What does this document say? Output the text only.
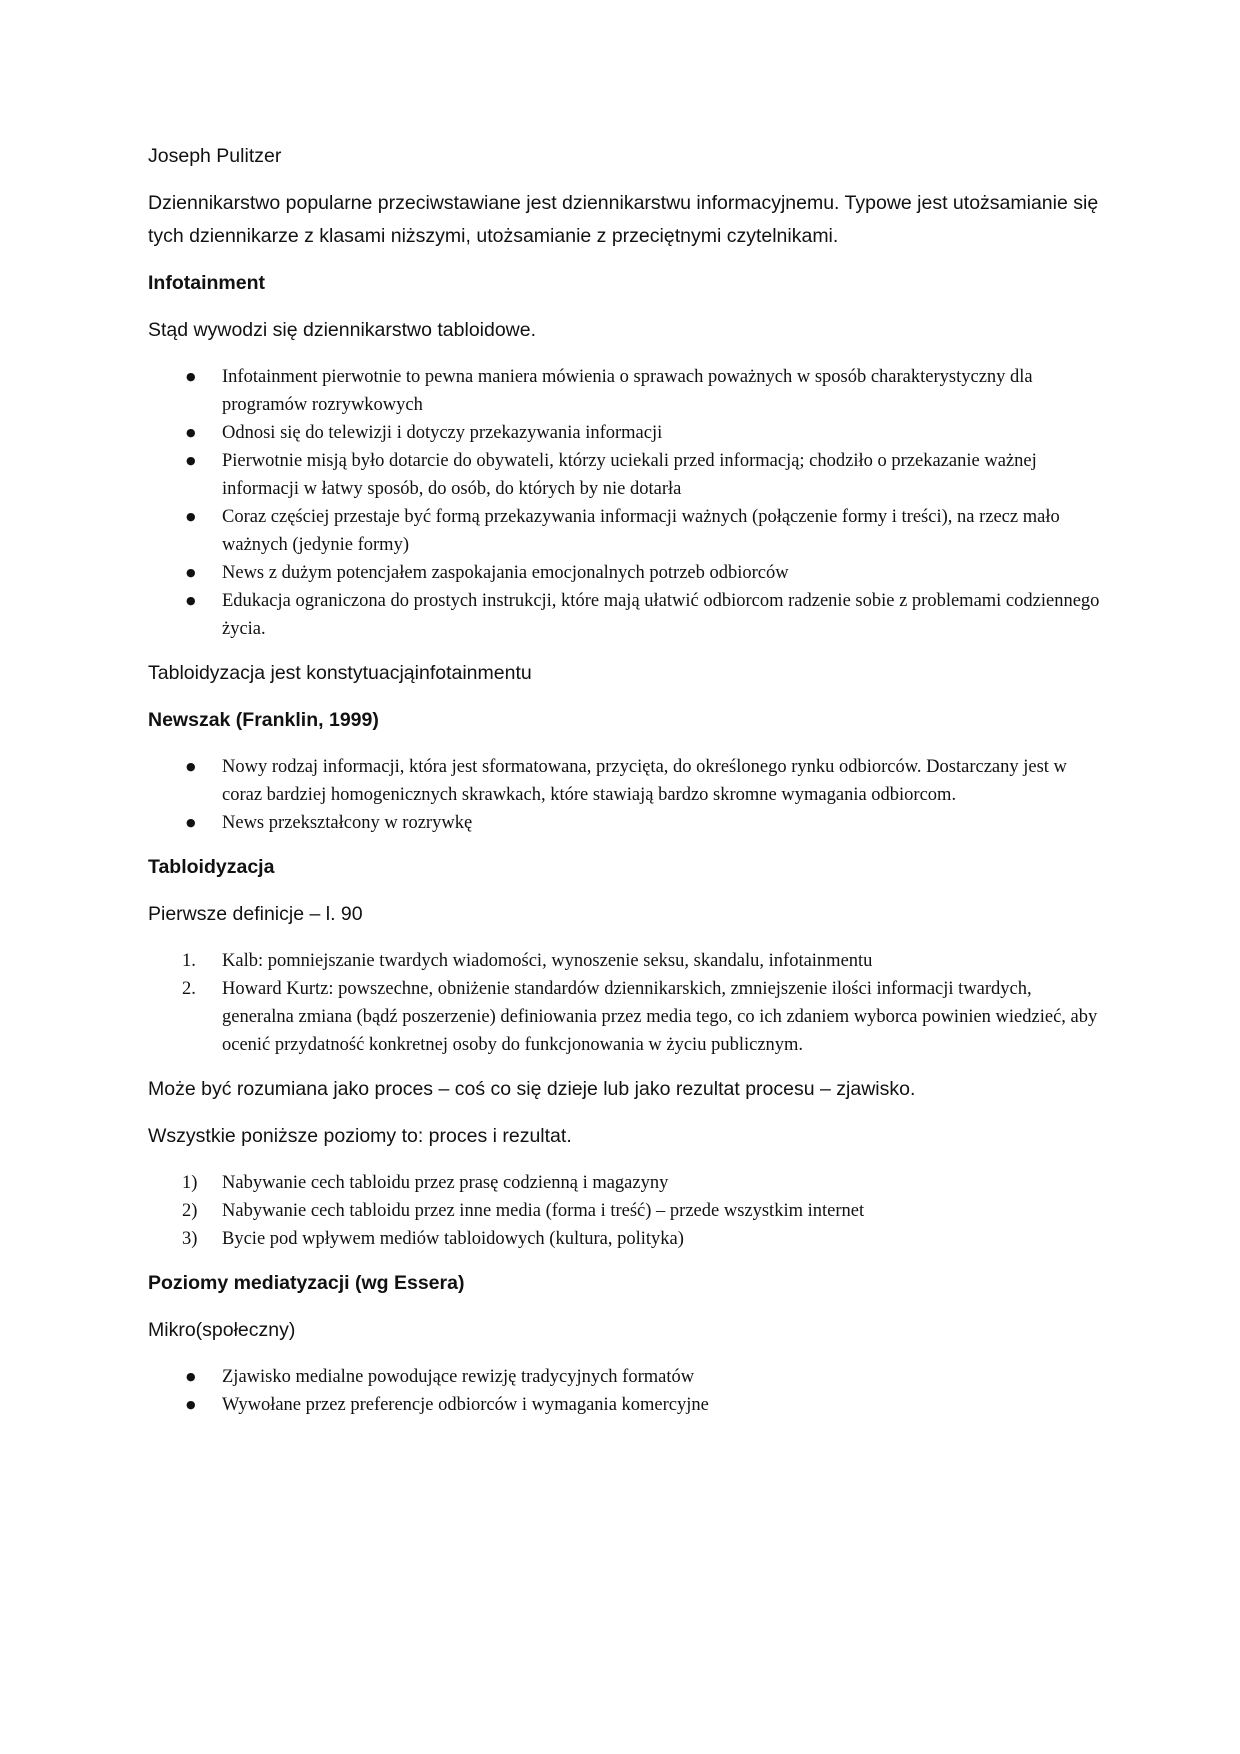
Joseph Pulitzer

Dziennikarstwo popularne przeciwstawiane jest dziennikarstwu informacyjnemu. Typowe jest utożsamianie się tych dziennikarze z klasami niższymi, utożsamianie z przeciętnymi czytelnikami.

Infotainment

Stąd wywodzi się dziennikarstwo tabloidowe.

● Infotainment pierwotnie to pewna maniera mówienia o sprawach poważnych w sposób charakterystyczny dla programów rozrywkowych
● Odnosi się do telewizji i dotyczy przekazywania informacji
● Pierwotnie misją było dotarcie do obywateli, którzy uciekali przed informacją; chodziło o przekazanie ważnej informacji w łatwy sposób, do osób, do których by nie dotarła
● Coraz częściej przestaje być formą przekazywania informacji ważnych (połączenie formy i treści), na rzecz mało ważnych (jedynie formy)
● News z dużym potencjałem zaspokajania emocjonalnych potrzeb odbiorców
● Edukacja ograniczona do prostych instrukcji, które mają ułatwić odbiorcom radzenie sobie z problemami codziennego życia.

Tabloidyzacja jest konstytuacjąinfotainmentu

Newszak (Franklin, 1999)

● Nowy rodzaj informacji, która jest sformatowana, przycięta, do określonego rynku odbiorców. Dostarczany jest w coraz bardziej homogenicznych skrawkach, które stawiają bardzo skromne wymagania odbiorcom.
● News przekształcony w rozrywkę

Tabloidyzacja

Pierwsze definicje – l. 90

1. Kalb: pomniejszanie twardych wiadomości, wynoszenie seksu, skandalu, infotainmentu
2. Howard Kurtz: powszechne, obniżenie standardów dziennikarskich, zmniejszenie ilości informacji twardych, generalna zmiana (bądź poszerzenie) definiowania przez media tego, co ich zdaniem wyborca powinien wiedzieć, aby ocenić przydatność konkretnej osoby do funkcjonowania w życiu publicznym.

Może być rozumiana jako proces – coś co się dzieje lub jako rezultat procesu – zjawisko.

Wszystkie poniższe poziomy to: proces i rezultat.

1) Nabywanie cech tabloidu przez prasę codzienną i magazyny
2) Nabywanie cech tabloidu przez inne media (forma i treść) – przede wszystkim internet
3) Bycie pod wpływem mediów tabloidowych (kultura, polityka)

Poziomy mediatyzacji (wg Essera)

Mikro(społeczny)

● Zjawisko medialne powodujące rewizję tradycyjnych formatów
● Wywołane przez preferencje odbiorców i wymagania komercyjne
